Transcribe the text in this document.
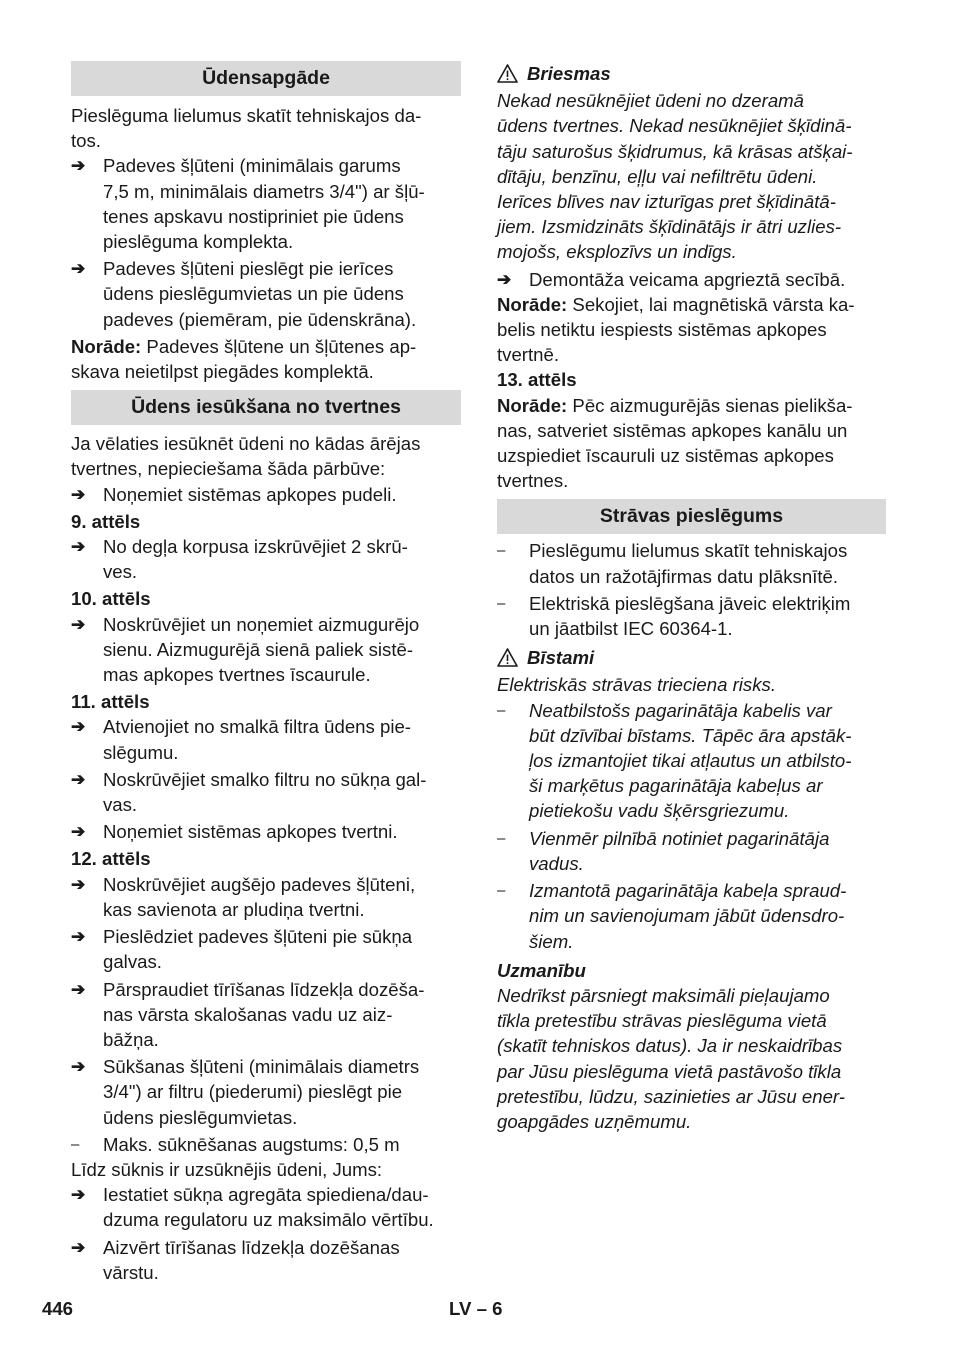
Ūdensapgāde
Pieslēguma lielumus skatīt tehniskajos da-
tos.
➔ Padeves šļūteni (minimālais garums
7,5 m, minimālais diametrs 3/4") ar šļū-
tenes apskavu nostipriniet pie ūdens
pieslēguma komplekta.
➔ Padeves šļūteni pieslēgt pie ierīces
ūdens pieslēgumvietas un pie ūdens
padeves (piemēram, pie ūdenskrāna).
Norāde: Padeves šļūtene un šļūtenes ap-
skava neietilpst piegādes komplektā.
Ūdens iesūkšana no tvertnes
Ja vēlaties iesūknēt ūdeni no kādas ārējas
tvertnes, nepieciešama šāda pārbūve:
➔ Noņemiet sistēmas apkopes pudeli.
9. attēls
➔ No degļa korpusa izskrūvējiet 2 skrū-
ves.
10. attēls
➔ Noskrūvējiet un noņemiet aizmugurējo
sienu. Aizmugurējā sienā paliek sistē-
mas apkopes tvertnes īscaurule.
11. attēls
➔ Atvienojiet no smalkā filtra ūdens pie-
slēgumu.
➔ Noskrūvējiet smalko filtru no sūkņa gal-
vas.
➔ Noņemiet sistēmas apkopes tvertni.
12. attēls
➔ Noskrūvējiet augšējo padeves šļūteni,
kas savienota ar pludiņa tvertni.
➔ Pieslēdziet padeves šļūteni pie sūkņa
galvas.
➔ Pārspraudiet tīrīšanas līdzekļa dozēša-
nas vārsta skalošanas vadu uz aiz-
bāžņa.
➔ Sūkšanas šļūteni (minimālais diametrs
3/4") ar filtru (piederumi) pieslēgt pie
ūdens pieslēgumvietas.
–	Maks. sūknēšanas augstums: 0,5 m
Līdz sūknis ir uzsūknējis ūdeni, Jums:
➔ Iestatiet sūkņa agregāta spiediena/dau-
dzuma regulatoru uz maksimālo vērtību.
➔ Aizvērt tīrīšanas līdzekļa dozēšanas
vārstu.
Briesmas
Nekad nesūknējiet ūdeni no dzeramā
ūdens tvertnes. Nekad nesūknējiet šķīdinā-
tāju saturošus šķidrumus, kā krāsas atšķai-
dītāju, benzīnu, eļļu vai nefiltrētu ūdeni.
Ierīces blīves nav izturīgas pret šķīdinātā-
jiem. Izsmidzināts šķīdinātājs ir ātri uzlies-
mojošs, eksplozīvs un indīgs.
➔ Demontāža veicama apgrieztā secībā.
Norāde: Sekojiet, lai magnētiskā vārsta ka-
belis netiktu iespiests sistēmas apkopes
tvertnē.
13. attēls
Norāde: Pēc aizmugurējās sienas pielikša-
nas, satveriet sistēmas apkopes kanālu un
uzspiediet īscauruli uz sistēmas apkopes
tvertnes.
Strāvas pieslēgums
–	Pieslēgumu lielumus skatīt tehniskajos
datos un ražotājfirmas datu plāksnītē.
–	Elektriskā pieslēgšana jāveic elektriķim
un jāatbilst IEC 60364-1.
Bīstami
Elektriskās strāvas trieciena risks.
–	Neatbilstošs pagarinātāja kabelis var
būt dzīvībai bīstams. Tāpēc āra apstāk-
ļos izmantojiet tikai atļautus un atbilsto-
ši marķētus pagarinātāja kabeļus ar
pietiekošu vadu šķērsgriezumu.
–	Vienmēr pilnībā notiniet pagarinātāja
vadus.
–	Izmantotā pagarinātāja kabeļa spraud-
nim un savienojumam jābūt ūdensdro-
šiem.
Uzmanību
Nedrīkst pārsniegt maksimāli pieļaujamo
tīkla pretestību strāvas pieslēguma vietā
(skatīt tehniskos datus). Ja ir neskaidrības
par Jūsu pieslēguma vietā pastāvošo tīkla
pretestību, lūdzu, sazinieties ar Jūsu ener-
goapgādes uzņēmumu.
446	LV – 6
